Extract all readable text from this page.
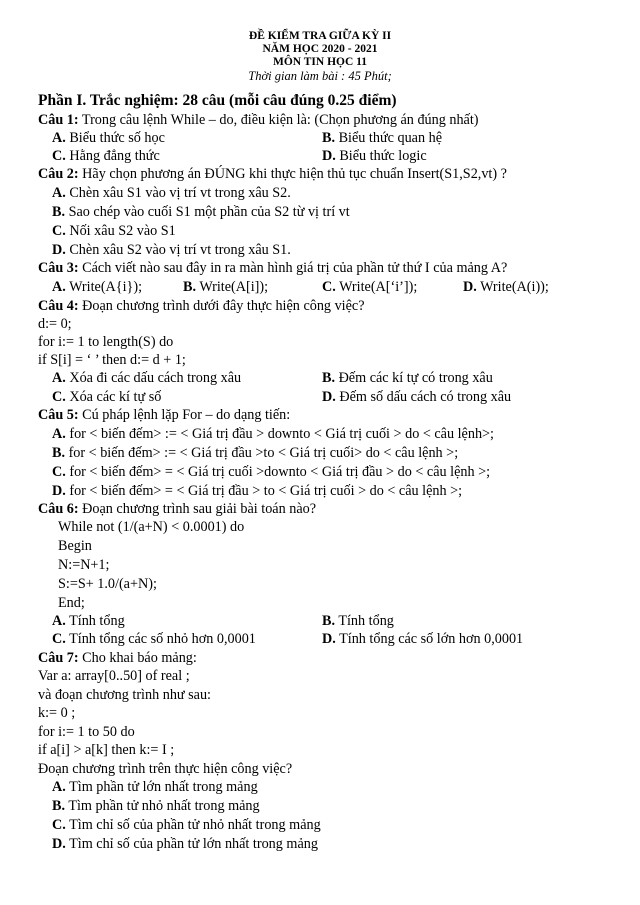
ĐỀ KIỂM TRA GIỮA KỲ II
NĂM HỌC 2020 - 2021
MÔN TIN HỌC 11
Thời gian làm bài : 45 Phút;
Phần I. Trắc nghiệm: 28 câu (mỗi câu đúng 0.25 điểm)
Câu 1: Trong câu lệnh While – do, điều kiện là: (Chọn phương án đúng nhất)
A. Biểu thức số học	B. Biểu thức quan hệ
C. Hằng đẳng thức	D. Biểu thức logic
Câu 2: Hãy chọn phương án ĐÚNG khi thực hiện thủ tục chuẩn Insert(S1,S2,vt) ?
A. Chèn xâu S1 vào vị trí vt trong xâu S2.
B. Sao chép vào cuối S1 một phần của S2 từ vị trí vt
C. Nối xâu S2 vào S1
D. Chèn xâu S2 vào vị trí vt trong xâu S1.
Câu 3: Cách viết nào sau đây in ra màn hình giá trị của phần tử thứ I của mảng A?
A. Write(A{i});	B. Write(A[i]);	C. Write(A[‘i’]);	D. Write(A(i));
Câu 4: Đoạn chương trình dưới đây thực hiện công việc?
d:= 0;
for i:= 1 to length(S) do
if S[i] = ‘ ’ then d:= d + 1;
A. Xóa đi các dấu cách trong xâu	B. Đếm các kí tự có trong xâu
C. Xóa các kí tự số	D. Đếm số dấu cách có trong xâu
Câu 5: Cú pháp lệnh lặp For – do dạng tiến:
A. for < biến đếm> := < Giá trị đầu > downto < Giá trị cuối > do < câu lệnh>;
B. for < biến đếm> := < Giá trị đầu >to < Giá trị cuối> do < câu lệnh >;
C. for < biến đếm> = < Giá trị cuối >downto < Giá trị đầu > do < câu lệnh >;
D. for < biến đếm> = < Giá trị đầu > to < Giá trị cuối > do < câu lệnh >;
Câu 6: Đoạn chương trình sau giải bài toán nào?
While not (1/(a+N) < 0.0001) do
Begin
N:=N+1;
S:=S+ 1.0/(a+N);
End;
A. Tính tổng	B. Tính tổng
C. Tính tổng các số nhỏ hơn 0,0001	D. Tính tổng các số lớn hơn 0,0001
Câu 7: Cho khai báo mảng:
Var a: array[0..50] of real ;
và đoạn chương trình như sau:
k:= 0 ;
for i:= 1 to 50 do
if a[i] > a[k] then k:= I ;
Đoạn chương trình trên thực hiện công việc?
A. Tìm phần tử lớn nhất trong mảng
B. Tìm phần tử nhỏ nhất trong mảng
C. Tìm chỉ số của phần tử nhỏ nhất trong mảng
D. Tìm chỉ số của phần tử lớn nhất trong mảng
